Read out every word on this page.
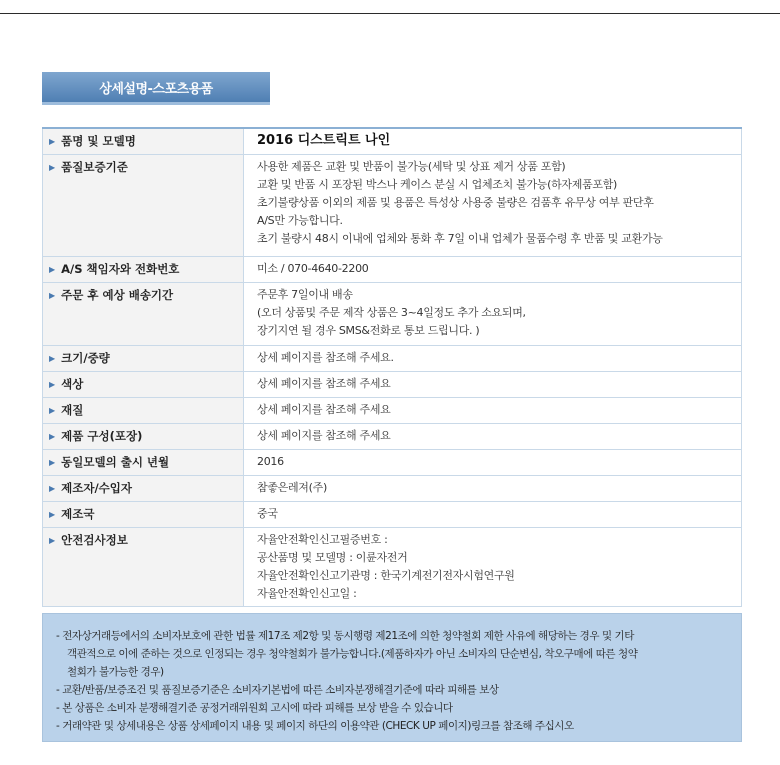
상세설명-스포츠용품
▶ 품명 및 모델명	2016 디스트릭트 나인

▶ 품질보증기준	사용한 제품은 교환 및 반품이 불가능(세탁 및 상표 제거 상품 포함)
교환 및 반품 시 포장된 박스나 케이스 분실 시 업체조치 불가능(하자제품포함)
초기불량상품 이외의 제품 및 용품은 특성상 사용중 불량은 검품후 유무상 여부 판단후
A/S만 가능합니다.
초기 불량시 48시 이내에 업체와 통화 후 7일 이내 업체가 물품수령 후 반품 및 교환가능

▶ A/S 책임자와 전화번호	미소 / 070-4640-2200

▶ 주문 후 예상 배송기간	주문후 7일이내 배송
(오더 상품및 주문 제작 상품은 3~4일정도 추가 소요되며,
장기지연 될 경우 SMS&전화로 통보 드립니다. )

▶ 크기/중량	상세 페이지를 참조해 주세요.

▶ 색상	상세 페이지를 참조해 주세요

▶ 재질	상세 페이지를 참조해 주세요

▶ 제품 구성(포장)	상세 페이지를 참조해 주세요

▶ 동일모델의 출시 년월	2016

▶ 제조자/수입자	참좋은레져(주)

▶ 제조국	중국

▶ 안전검사정보	자율안전확인신고필증번호 :
공산품명 및 모델명 : 이륜자전거
자율안전확인신고기관명 : 한국기계전기전자시험연구원
자율안전확인신고일 :
- 전자상거래등에서의 소비자보호에 관한 법률 제17조 제2항 및 동시행령 제21조에 의한 청약철회 제한 사유에 해당하는 경우 및 기타
객관적으로 이에 준하는 것으로 인정되는 경우 청약철회가 불가능합니다.(제품하자가 아닌 소비자의 단순변심, 착오구매에 따른 청약
철회가 불가능한 경우)
- 교환/반품/보증조건 및 품질보증기준은 소비자기본법에 따른 소비자분쟁해결기준에 따라 피해를 보상
- 본 상품은 소비자 분쟁해결기준 공정거래위원회 고시에 따라 피해를 보상 받을 수 있습니다
- 거래약관 및 상세내용은 상품 상세페이지 내용 및 페이지 하단의 이용약관 (CHECK UP 페이지)링크를 참조해 주십시오
